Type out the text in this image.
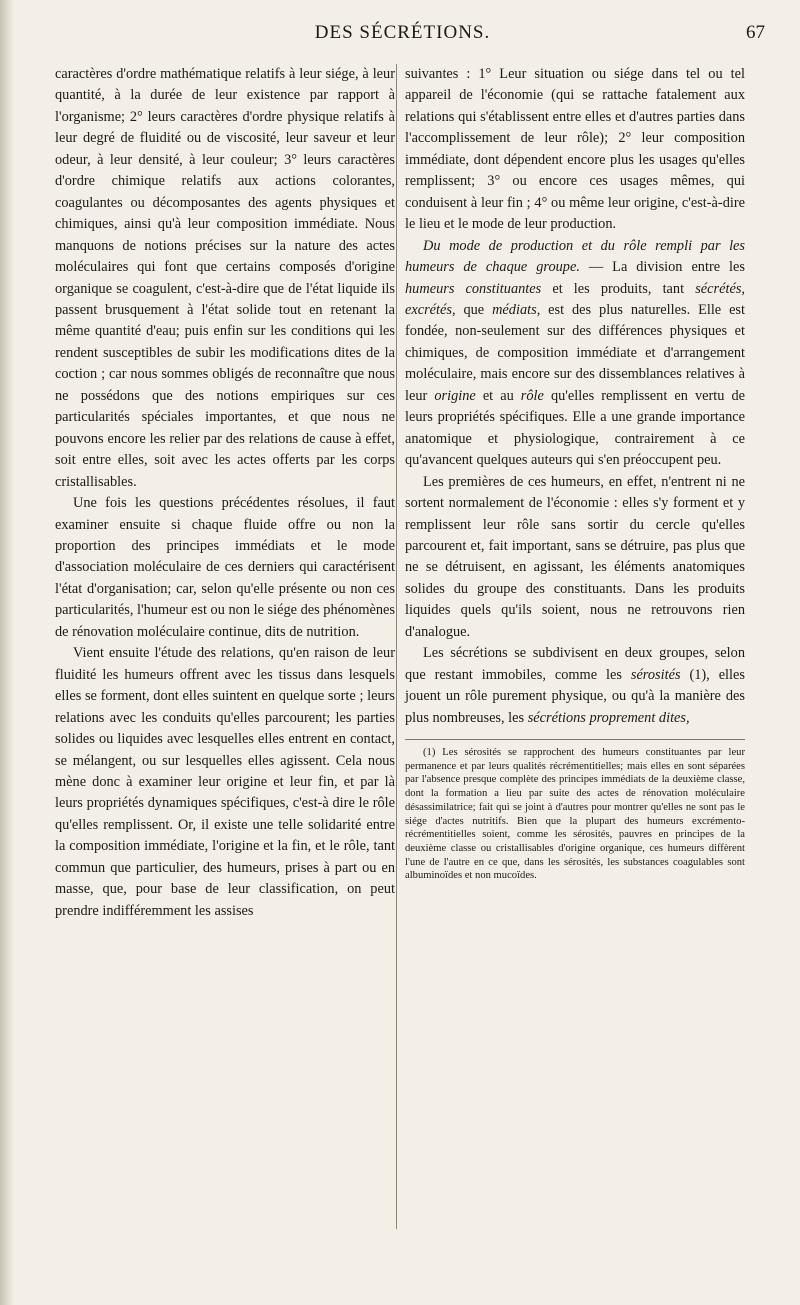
DES SÉCRÉTIONS.	67

caractères d'ordre mathématique relatifs à leur siége, à leur quantité, à la durée de leur existence par rapport à l'organisme; 2° leurs caractères d'ordre physique relatifs à leur degré de fluidité ou de viscosité, leur saveur et leur odeur, à leur densité, à leur couleur; 3° leurs caractères d'ordre chimique relatifs aux actions colorantes, coagulantes ou décomposantes des agents physiques et chimiques, ainsi qu'à leur composition immédiate. Nous manquons de notions précises sur la nature des actes moléculaires qui font que certains composés d'origine organique se coagulent, c'est-à-dire que de l'état liquide ils passent brusquement à l'état solide tout en retenant la même quantité d'eau; puis enfin sur les conditions qui les rendent susceptibles de subir les modifications dites de la coction ; car nous sommes obligés de reconnaître que nous ne possédons que des notions empiriques sur ces particularités spéciales importantes, et que nous ne pouvons encore les relier par des relations de cause à effet, soit entre elles, soit avec les actes offerts par les corps cristallisables.

Une fois les questions précédentes résolues, il faut examiner ensuite si chaque fluide offre ou non la proportion des principes immédiats et le mode d'association moléculaire de ces derniers qui caractérisent l'état d'organisation; car, selon qu'elle présente ou non ces particularités, l'humeur est ou non le siége des phénomènes de rénovation moléculaire continue, dits de nutrition.

Vient ensuite l'étude des relations, qu'en raison de leur fluidité les humeurs offrent avec les tissus dans lesquels elles se forment, dont elles suintent en quelque sorte ; leurs relations avec les conduits qu'elles parcourent; les parties solides ou liquides avec lesquelles elles entrent en contact, se mélangent, ou sur lesquelles elles agissent. Cela nous mène donc à examiner leur origine et leur fin, et par là leurs propriétés dynamiques spécifiques, c'est-à dire le rôle qu'elles remplissent. Or, il existe une telle solidarité entre la composition immédiate, l'origine et la fin, et le rôle, tant commun que particulier, des humeurs, prises à part ou en masse, que, pour base de leur classification, on peut prendre indifféremment les assises

suivantes : 1° Leur situation ou siége dans tel ou tel appareil de l'économie (qui se rattache fatalement aux relations qui s'établissent entre elles et d'autres parties dans l'accomplissement de leur rôle); 2° leur composition immédiate, dont dépendent encore plus les usages qu'elles remplissent; 3° ou encore ces usages mêmes, qui conduisent à leur fin ; 4° ou même leur origine, c'est-à-dire le lieu et le mode de leur production.

Du mode de production et du rôle rempli par les humeurs de chaque groupe. — La division entre les humeurs constituantes et les produits, tant sécrétés, excrétés, que médiats, est des plus naturelles. Elle est fondée, non-seulement sur des différences physiques et chimiques, de composition immédiate et d'arrangement moléculaire, mais encore sur des dissemblances relatives à leur origine et au rôle qu'elles remplissent en vertu de leurs propriétés spécifiques. Elle a une grande importance anatomique et physiologique, contrairement à ce qu'avancent quelques auteurs qui s'en préoccupent peu.

Les premières de ces humeurs, en effet, n'entrent ni ne sortent normalement de l'économie : elles s'y forment et y remplissent leur rôle sans sortir du cercle qu'elles parcourent et, fait important, sans se détruire, pas plus que ne se détruisent, en agissant, les éléments anatomiques solides du groupe des constituants. Dans les produits liquides quels qu'ils soient, nous ne retrouvons rien d'analogue.

Les sécrétions se subdivisent en deux groupes, selon que restant immobiles, comme les sérosités (1), elles jouent un rôle purement physique, ou qu'à la manière des plus nombreuses, les sécrétions proprement dites,

(1) Les sérosités se rapprochent des humeurs constituantes par leur permanence et par leurs qualités récrémentitielles; mais elles en sont séparées par l'absence presque complète des principes immédiats de la deuxième classe, dont la formation a lieu par suite des actes de rénovation moléculaire désassimilatrice; fait qui se joint à d'autres pour montrer qu'elles ne sont pas le siége d'actes nutritifs. Bien que la plupart des humeurs excrémento-récrémentitielles soient, comme les sérosités, pauvres en principes de la deuxième classe ou cristallisables d'origine organique, ces humeurs diffèrent l'une de l'autre en ce que, dans les sérosités, les substances coagulables sont albuminoïdes et non mucoïdes.
